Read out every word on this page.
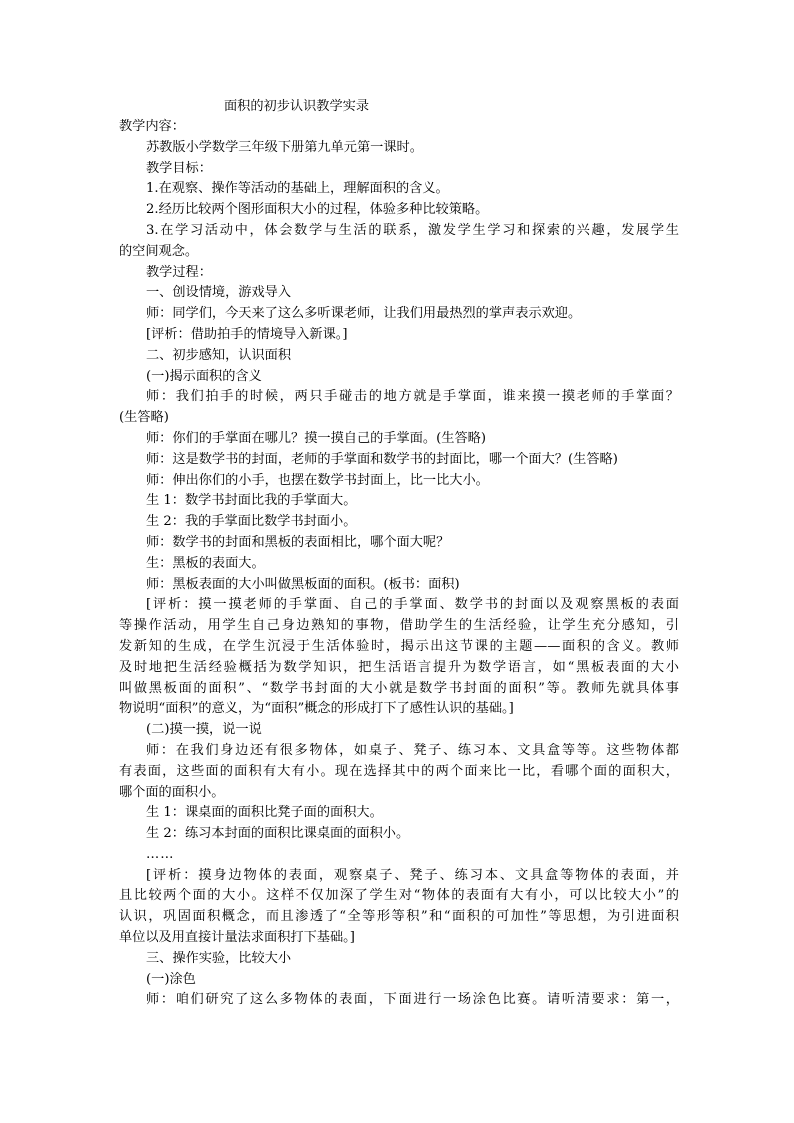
面积的初步认识教学实录
教学内容：
苏教版小学数学三年级下册第九单元第一课时。
教学目标：
1.在观察、操作等活动的基础上，理解面积的含义。
2.经历比较两个图形面积大小的过程，体验多种比较策略。
3.在学习活动中，体会数学与生活的联系，激发学生学习和探索的兴趣，发展学生
的空间观念。
教学过程：
一、创设情境，游戏导入
师：同学们，今天来了这么多听课老师，让我们用最热烈的掌声表示欢迎。
[评析：借助拍手的情境导入新课。]
二、初步感知，认识面积
(一)揭示面积的含义
师：我们拍手的时候，两只手碰击的地方就是手掌面，谁来摸一摸老师的手掌面？
(生答略)
师：你们的手掌面在哪儿？摸一摸自己的手掌面。(生答略)
师：这是数学书的封面，老师的手掌面和数学书的封面比，哪一个面大？(生答略)
师：伸出你们的小手，也摆在数学书封面上，比一比大小。
生 1：数学书封面比我的手掌面大。
生 2：我的手掌面比数学书封面小。
师：数学书的封面和黑板的表面相比，哪个面大呢？
生：黑板的表面大。
师：黑板表面的大小叫做黑板面的面积。(板书：面积)
[评析：摸一摸老师的手掌面、自己的手掌面、数学书的封面以及观察黑板的表面
等操作活动，用学生自己身边熟知的事物，借助学生的生活经验，让学生充分感知，引
发新知的生成，在学生沉浸于生活体验时，揭示出这节课的主题——面积的含义。教师
及时地把生活经验概括为数学知识，把生活语言提升为数学语言，如“黑板表面的大小
叫做黑板面的面积”、“数学书封面的大小就是数学书封面的面积”等。教师先就具体事
物说明“面积”的意义，为“面积”概念的形成打下了感性认识的基础。]
(二)摸一摸，说一说
师：在我们身边还有很多物体，如桌子、凳子、练习本、文具盒等等。这些物体都
有表面，这些面的面积有大有小。现在选择其中的两个面来比一比，看哪个面的面积大，
哪个面的面积小。
生 1：课桌面的面积比凳子面的面积大。
生 2：练习本封面的面积比课桌面的面积小。
……
[评析：摸身边物体的表面，观察桌子、凳子、练习本、文具盒等物体的表面，并
且比较两个面的大小。这样不仅加深了学生对“物体的表面有大有小，可以比较大小”的
认识，巩固面积概念，而且渗透了“全等形等积”和“面积的可加性”等思想，为引进面积
单位以及用直接计量法求面积打下基础。]
三、操作实验，比较大小
(一)涂色
师：咱们研究了这么多物体的表面，下面进行一场涂色比赛。请听清要求：第一，
